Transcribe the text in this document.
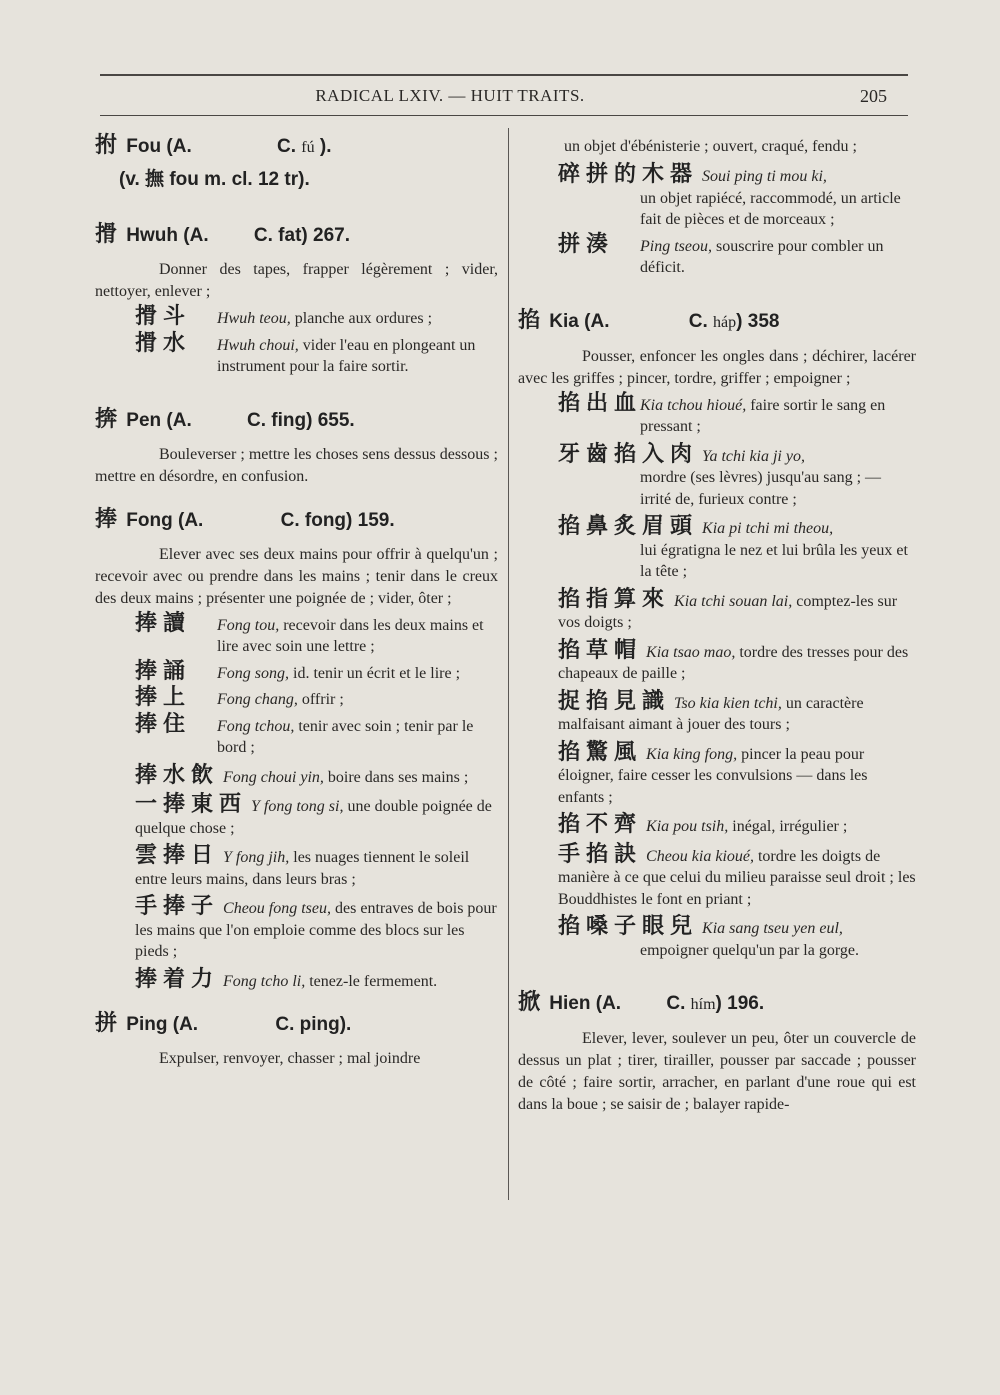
RADICAL LXIV. — HUIT TRAITS.	205

拊 Fou (A.	C. fú ).

(v. 撫 fou m. cl. 12 tr).

搰 Hwuh (A. C. fat) 267.

Donner des tapes, frapper légèrement ; vider, nettoyer, enlever ;

搰斗 Hwuh teou, planche aux ordures ;
搰水 Hwuh choui, vider l'eau en plongeant un instrument pour la faire sortir.

捹 Pen (A.	C. fing) 655.

Bouleverser ; mettre les choses sens dessus dessous ; mettre en désordre, en confusion.

捧 Fong (A.	C. fong) 159.

Elever avec ses deux mains pour offrir à quelqu'un ; recevoir avec ou prendre dans les mains ; tenir dans le creux des deux mains ; présenter une poignée de ; vider, ôter ;

捧讀 Fong tou, recevoir dans les deux mains et lire avec soin une lettre ;
捧誦 Fong song, id. tenir un écrit et le lire ;
捧上 Fong chang, offrir ;
捧住 Fong tchou, tenir avec soin ; tenir par le bord ;
捧水飲 Fong choui yin, boire dans ses mains ;
一捧東西 Y fong tong si, une double poignée de quelque chose ;
雲捧日 Y fong jih, les nuages tiennent le soleil entre leurs mains, dans leurs bras ;
手捧子 Cheou fong tseu, des entraves de bois pour les mains que l'on emploie comme des blocs sur les pieds ;
捧着力 Fong tcho li, tenez-le fermement.

拼 Ping (A.	C. ping).

Expulser, renvoyer, chasser ; mal joindre

un objet d'ébénisterie ; ouvert, craqué, fendu ;

碎拼的木器 Soui ping ti mou ki,
un objet rapiécé, raccommodé, un article fait de pièces et de morceaux ;
拼湊 Ping tseou, souscrire pour combler un déficit.

掐 Kia (A.	C. háp) 358

Pousser, enfoncer les ongles dans ; déchirer, lacérer avec les griffes ; pincer, tordre, griffer ; empoigner ;

掐出血
Kia tchou hioué, faire sortir le sang en pressant ;
牙齒掐入肉 Ya tchi kia ji yo,
mordre (ses lèvres) jusqu'au sang ; — irrité de, furieux contre ;
掐鼻炙眉頭 Kia pi tchi mi theou,
lui égratigna le nez et lui brûla les yeux et la tête ;
掐指算來 Kia tchi souan lai, comptez-les sur vos doigts ;
掐草帽 Kia tsao mao, tordre des tresses pour des chapeaux de paille ;
捉掐見識 Tso kia kien tchi, un caractère malfaisant aimant à jouer des tours ;
掐驚風 Kia king fong, pincer la peau pour éloigner, faire cesser les convulsions — dans les enfants ;
掐不齊 Kia pou tsih, inégal, irrégulier ;
手掐訣 Cheou kia kioué, tordre les doigts de manière à ce que celui du milieu paraisse seul droit ; les Bouddhistes le font en priant ;
掐嗓子眼兒 Kia sang tseu yen eul,
empoigner quelqu'un par la gorge.

掀 Hien (A. C. hím) 196.

Elever, lever, soulever un peu, ôter un couvercle de dessus un plat ; tirer, tirailler, pousser par saccade ; pousser de côté ; faire sortir, arracher, en parlant d'une roue qui est dans la boue ; se saisir de ; balayer rapide-
